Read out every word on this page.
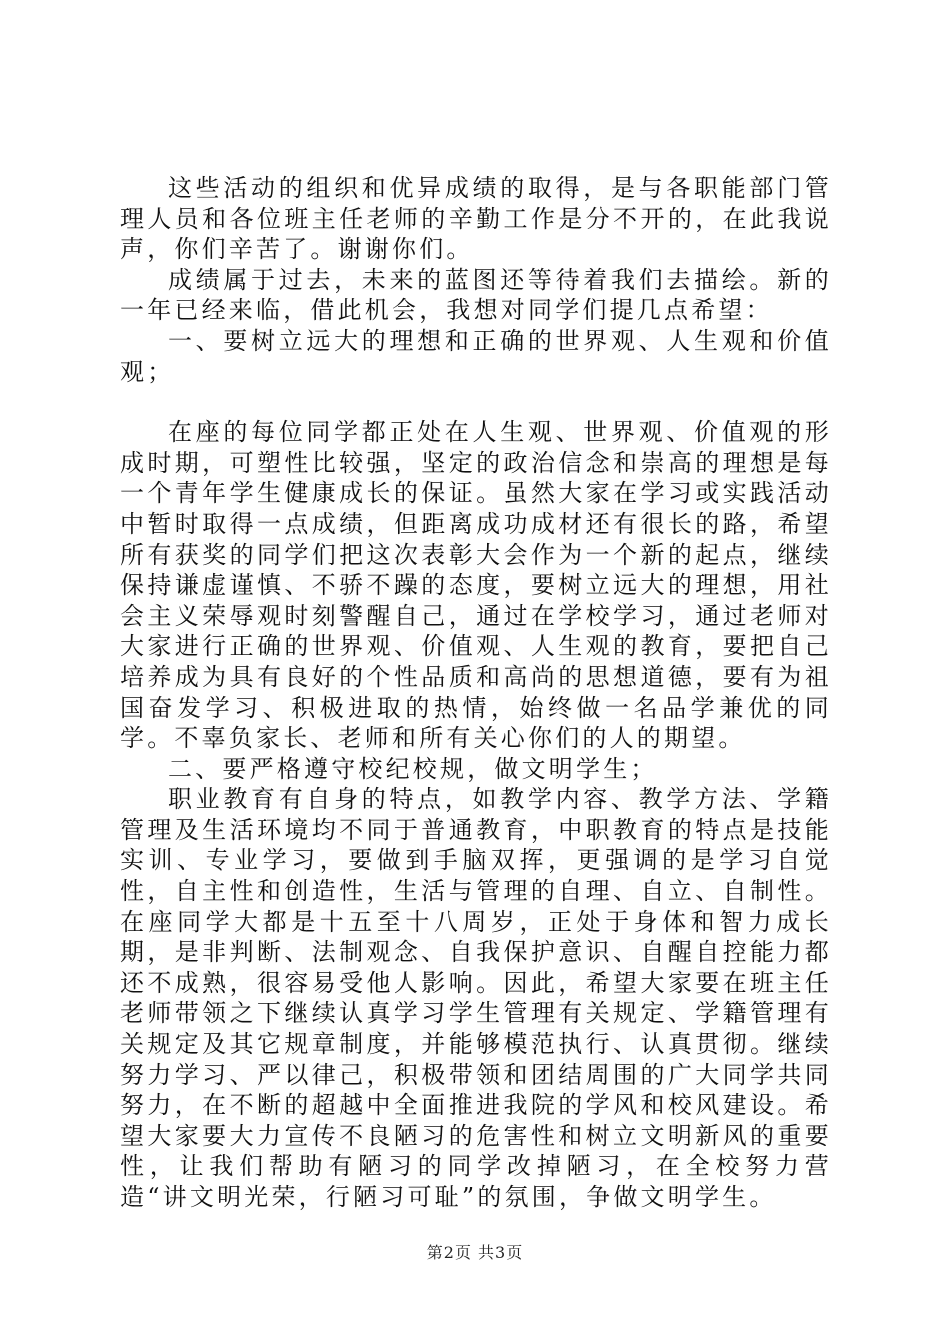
这些活动的组织和优异成绩的取得，是与各职能部门管理人员和各位班主任老师的辛勤工作是分不开的，在此我说声，你们辛苦了。谢谢你们。

成绩属于过去，未来的蓝图还等待着我们去描绘。新的一年已经来临，借此机会，我想对同学们提几点希望：

一、要树立远大的理想和正确的世界观、人生观和价值观；

在座的每位同学都正处在人生观、世界观、价值观的形成时期，可塑性比较强，坚定的政治信念和崇高的理想是每一个青年学生健康成长的保证。虽然大家在学习或实践活动中暂时取得一点成绩，但距离成功成材还有很长的路，希望所有获奖的同学们把这次表彰大会作为一个新的起点，继续保持谦虚谨慎、不骄不躁的态度，要树立远大的理想，用社会主义荣辱观时刻警醒自己，通过在学校学习，通过老师对大家进行正确的世界观、价值观、人生观的教育，要把自己培养成为具有良好的个性品质和高尚的思想道德，要有为祖国奋发学习、积极进取的热情，始终做一名品学兼优的同学。不辜负家长、老师和所有关心你们的人的期望。

二、要严格遵守校纪校规，做文明学生；

职业教育有自身的特点，如教学内容、教学方法、学籍管理及生活环境均不同于普通教育，中职教育的特点是技能实训、专业学习，要做到手脑双挥，更强调的是学习自觉性，自主性和创造性，生活与管理的自理、自立、自制性。在座同学大都是十五至十八周岁，正处于身体和智力成长期，是非判断、法制观念、自我保护意识、自醒自控能力都还不成熟，很容易受他人影响。因此，希望大家要在班主任老师带领之下继续认真学习学生管理有关规定、学籍管理有关规定及其它规章制度，并能够模范执行、认真贯彻。继续努力学习、严以律己，积极带领和团结周围的广大同学共同努力，在不断的超越中全面推进我院的学风和校风建设。希望大家要大力宣传不良陋习的危害性和树立文明新风的重要性，让我们帮助有陋习的同学改掉陋习，在全校努力营造“讲文明光荣，行陋习可耻”的氛围，争做文明学生。

第2页 共3页
